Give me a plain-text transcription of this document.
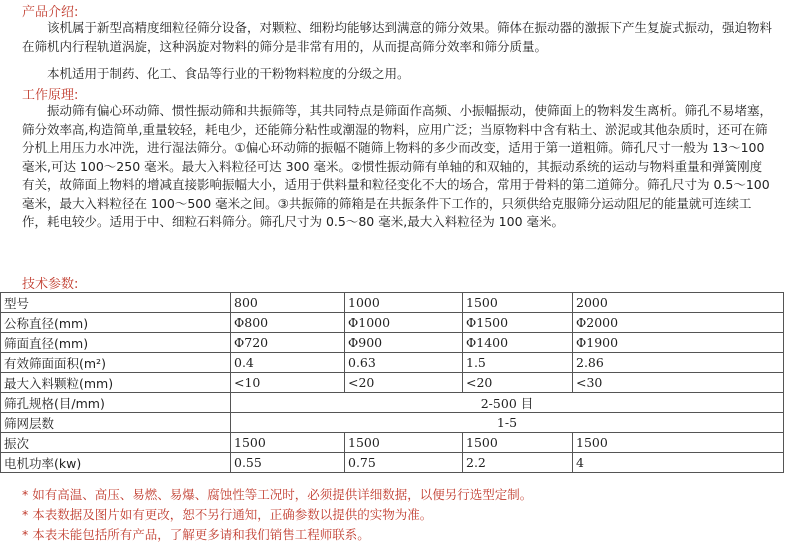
产品介绍:

该机属于新型高精度细粒径筛分设备，对颗粒、细粉均能够达到满意的筛分效果。筛体在振动器的激振下产生复旋式振动，强迫物料在筛机内行程轨道涡旋，这种涡旋对物料的筛分是非常有用的，从而提高筛分效率和筛分质量。

本机适用于制药、化工、食品等行业的干粉物料粒度的分级之用。

工作原理:

振动筛有偏心环动筛、惯性振动筛和共振筛等，其共同特点是筛面作高频、小振幅振动，使筛面上的物料发生离析。筛孔不易堵塞，筛分效率高,构造简单,重量较轻，耗电少，还能筛分粘性或潮湿的物料，应用广泛；当原物料中含有粘土、淤泥或其他杂质时，还可在筛分机上用压力水冲洗，进行湿法筛分。①偏心环动筛的振幅不随筛上物料的多少而改变，适用于第一道粗筛。筛孔尺寸一般为 13～100 毫米,可达 100～250 毫米。最大入料粒径可达 300 毫米。②惯性振动筛有单轴的和双轴的，其振动系统的运动与物料重量和弹簧刚度有关，故筛面上物料的增减直接影响振幅大小，适用于供料量和粒径变化不大的场合，常用于骨料的第二道筛分。筛孔尺寸为 0.5～100 毫米，最大入料粒径在 100～500 毫米之间。③共振筛的筛箱是在共振条件下工作的，只须供给克服筛分运动阻尼的能量就可连续工作，耗电较少。适用于中、细粒石料筛分。筛孔尺寸为 0.5～80 毫米,最大入料粒径为 100 毫米。

技术参数:
型号	800	1000	1500	2000
公称直径(mm)	Φ800	Φ1000	Φ1500	Φ2000
筛面直径(mm)	Φ720	Φ900	Φ1400	Φ1900
有效筛面面积(m²)	0.4	0.63	1.5	2.86
最大入料颗粒(mm)	<10	<20	<20	<30
筛孔规格(目/mm)	2-500 目			
筛网层数	1-5			
振次	1500	1500	1500	1500
电机功率(kw)	0.55	0.75	2.2	4
* 如有高温、高压、易燃、易爆、腐蚀性等工况时，必须提供详细数据，以便另行选型定制。
* 本表数据及图片如有更改，恕不另行通知，正确参数以提供的实物为准。
* 本表未能包括所有产品，了解更多请和我们销售工程师联系。
